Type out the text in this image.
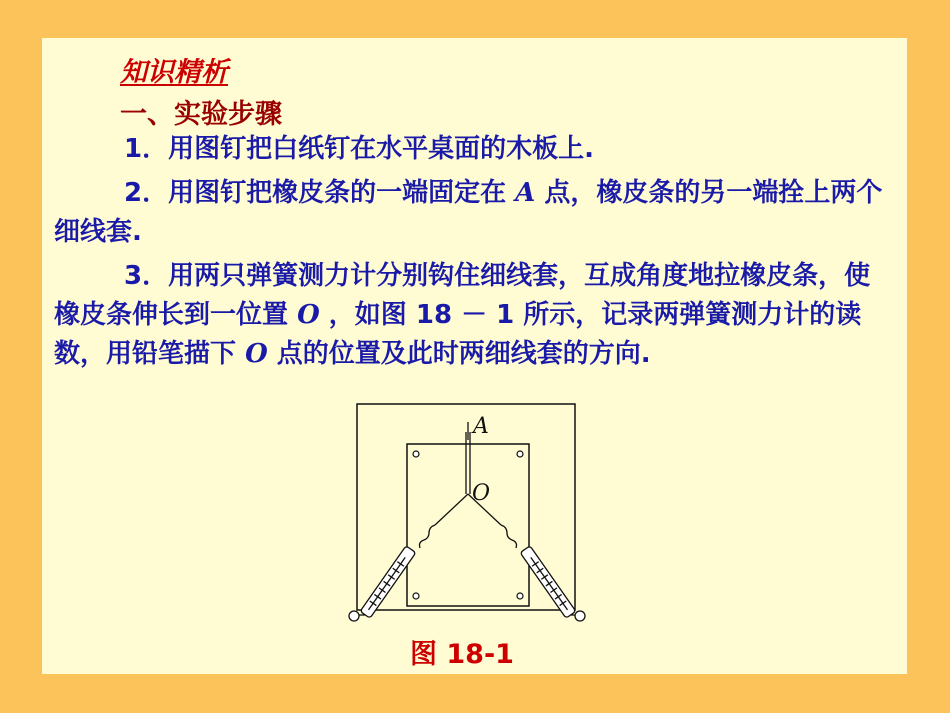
知识精析
一、实验步骤

1．用图钉把白纸钉在水平桌面的木板上.

2．用图钉把橡皮条的一端固定在 A 点，橡皮条的另一端拴上两个细线套.

3．用两只弹簧测力计分别钩住细线套，互成角度地拉橡皮条，使橡皮条伸长到一位置 O ，如图 18 － 1 所示，记录两弹簧测力计的读数，用铅笔描下 O 点的位置及此时两细线套的方向.

A
O
图 18-1
